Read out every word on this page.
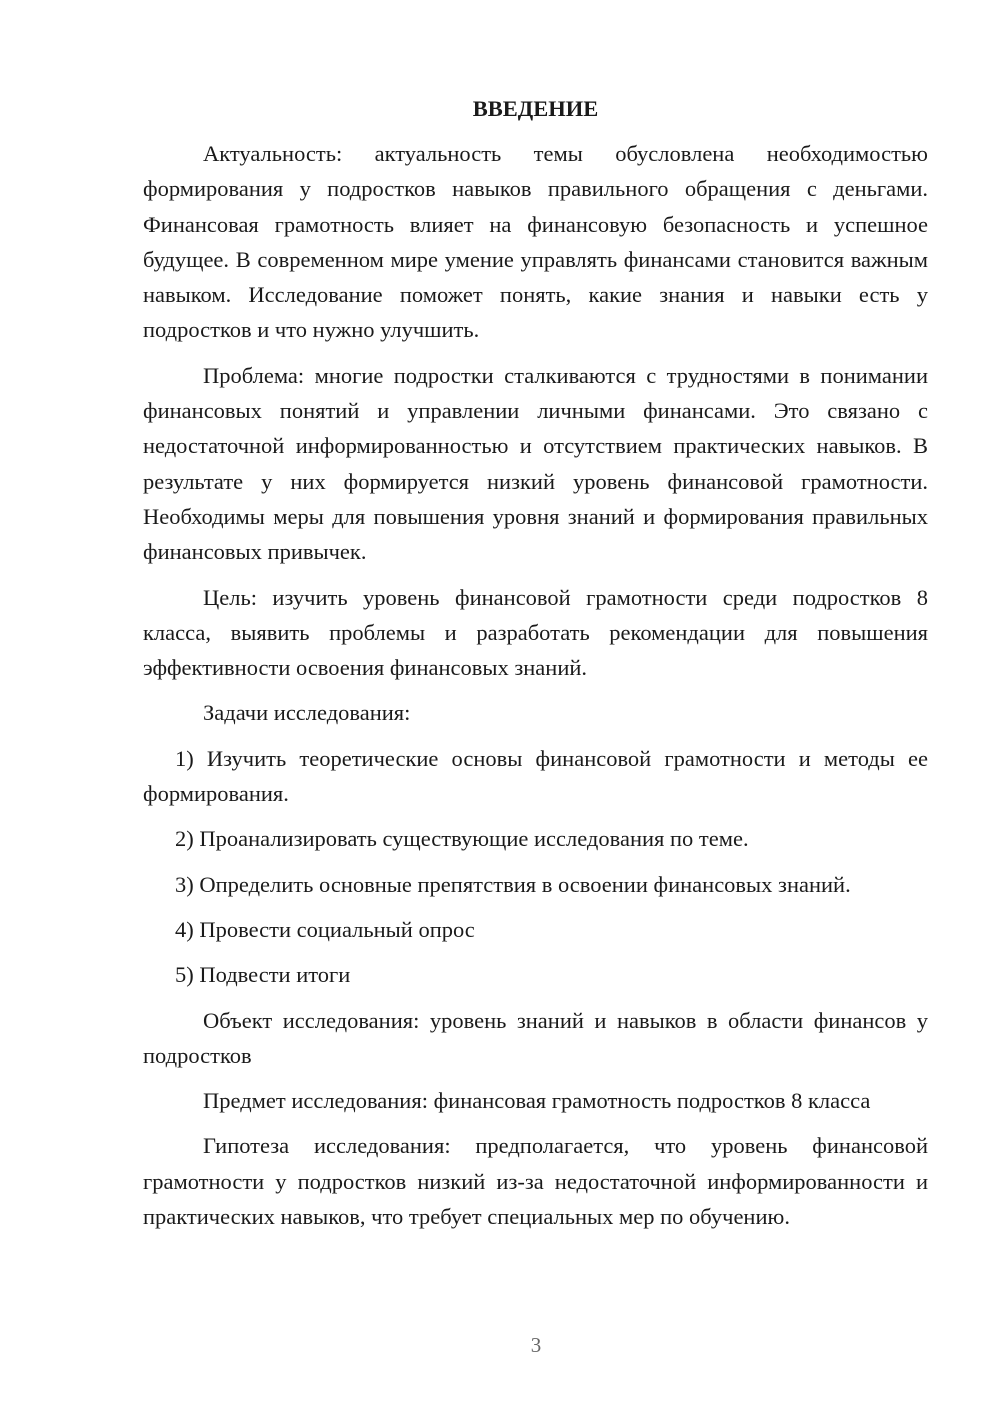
ВВЕДЕНИЕ

Актуальность: актуальность темы обусловлена необходимостью формирования у подростков навыков правильного обращения с деньгами. Финансовая грамотность влияет на финансовую безопасность и успешное будущее. В современном мире умение управлять финансами становится важным навыком. Исследование поможет понять, какие знания и навыки есть у подростков и что нужно улучшить.

Проблема: многие подростки сталкиваются с трудностями в понимании финансовых понятий и управлении личными финансами. Это связано с недостаточной информированностью и отсутствием практических навыков. В результате у них формируется низкий уровень финансовой грамотности. Необходимы меры для повышения уровня знаний и формирования правильных финансовых привычек.

Цель: изучить уровень финансовой грамотности среди подростков 8 класса, выявить проблемы и разработать рекомендации для повышения эффективности освоения финансовых знаний.

Задачи исследования:

1) Изучить теоретические основы финансовой грамотности и методы ее формирования.

2) Проанализировать существующие исследования по теме.

3) Определить основные препятствия в освоении финансовых знаний.

4) Провести социальный опрос

5) Подвести итоги

Объект исследования: уровень знаний и навыков в области финансов у подростков

Предмет исследования: финансовая грамотность подростков 8 класса

Гипотеза исследования: предполагается, что уровень финансовой грамотности у подростков низкий из-за недостаточной информированности и практических навыков, что требует специальных мер по обучению.

3
